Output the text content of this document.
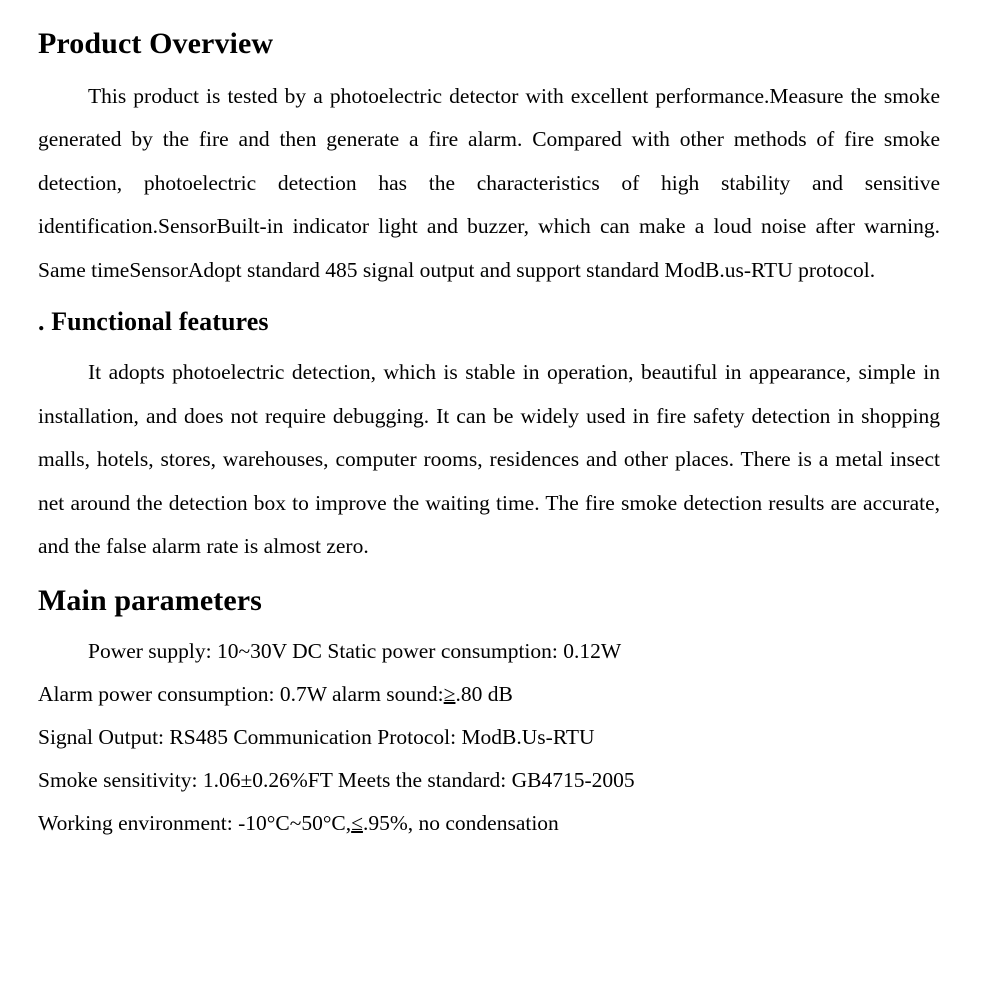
Product Overview

This product is tested by a photoelectric detector with excellent performance.Measure the smoke generated by the fire and then generate a fire alarm. Compared with other methods of fire smoke detection, photoelectric detection has the characteristics of high stability and sensitive identification.SensorBuilt-in indicator light and buzzer, which can make a loud noise after warning. Same timeSensorAdopt standard 485 signal output and support standard ModB.us-RTU protocol.

. Functional features

It adopts photoelectric detection, which is stable in operation, beautiful in appearance, simple in installation, and does not require debugging. It can be widely used in fire safety detection in shopping malls, hotels, stores, warehouses, computer rooms, residences and other places. There is a metal insect net around the detection box to improve the waiting time. The fire smoke detection results are accurate, and the false alarm rate is almost zero.

Main parameters
Power supply: 10~30V DC Static power consumption: 0.12W
Alarm power consumption: 0.7W alarm sound:≥.80 dB
Signal Output: RS485 Communication Protocol: ModB.Us-RTU
Smoke sensitivity: 1.06±0.26%FT Meets the standard: GB4715-2005
Working environment: -10°C~50°C,≤.95%, no condensation
